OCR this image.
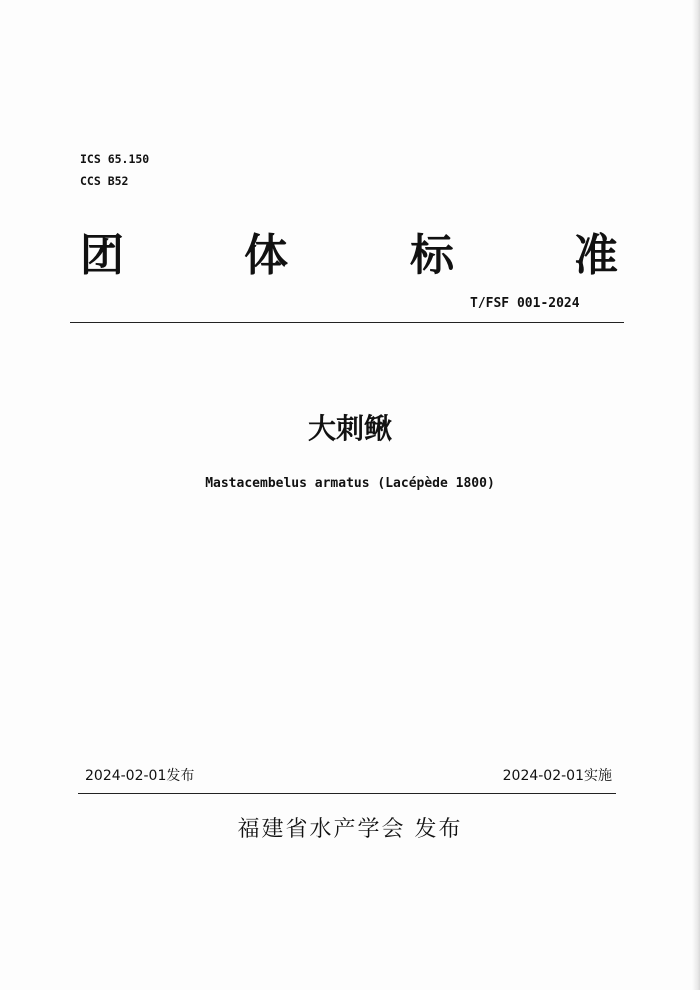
ICS 65.150
CCS B52
团	体	标	准
T/FSF 001-2024
大刺鳅
Mastacembelus armatus (Lacépède 1800)
2024-02-01发布	2024-02-01实施
福建省水产学会 发布
